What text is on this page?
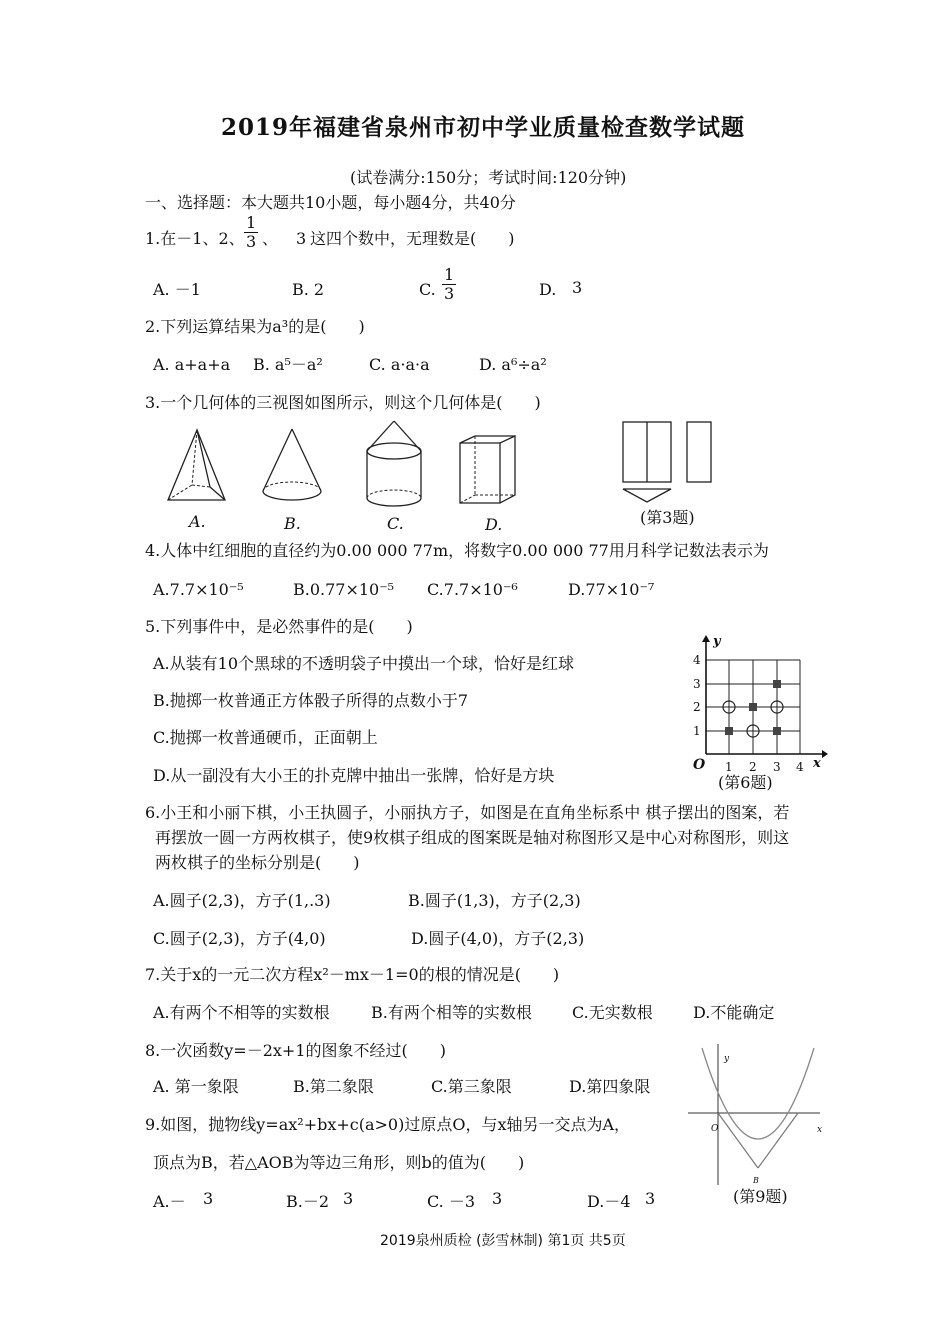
2019年福建省泉州市初中学业质量检查数学试题
(试卷满分:150分；考试时间:120分钟)
一、选择题：本大题共10小题，每小题4分，共40分
1.在－1、2、 $\frac{1}{3}$ 、 3 这四个数中，无理数是(　　)
A. －1	B. 2	C. $\frac{1}{3}$	D. 3
2.下列运算结果为a³的是(　　)
A. a+a+a B. a⁵－a²	C. a·a·a	D. a⁶÷a²
3.一个几何体的三视图如图所示，则这个几何体是(　　)
A.	B.	C.	D.	(第3题)
4.人体中红细胞的直径约为0.00 000 77m，将数字0.00 000 77用月科学记数法表示为
A.7.7×10⁻⁵	B.0.77×10⁻⁵ C.7.7×10⁻⁶	D.77×10⁻⁷
5.下列事件中，是必然事件的是(　　)
A.从装有10个黑球的不透明袋子中摸出一个球，恰好是红球
B.抛掷一枚普通正方体骰子所得的点数小于7
C.抛掷一枚普通硬币，正面朝上
D.从一副没有大小王的扑克牌中抽出一张牌，恰好是方块
y
4
3
2
1
O 1 2 3 4 x
(第6题)
6.小王和小丽下棋，小王执圆子，小丽执方子，如图是在直角坐标系中 棋子摆出的图案，若
再摆放一圆一方两枚棋子，使9枚棋子组成的图案既是轴对称图形又是中心对称图形，则这
两枚棋子的坐标分别是(　　)
A.圆子(2,3)，方子(1,.3)	B.圆子(1,3)，方子(2,3)
C.圆子(2,3)，方子(4,0)	D.圆子(4,0)，方子(2,3)
7.关于x的一元二次方程x²－mx－1=0的根的情况是(　　)
A.有两个不相等的实数根	B.有两个相等的实数根	C.无实数根	D.不能确定
8.一次函数y=－2x+1的图象不经过(　　)
A. 第一象限	B.第二象限	C.第三象限	D.第四象限
9.如图，抛物线y=ax²+bx+c(a>0)过原点O，与x轴另一交点为A，
顶点为B，若△AOB为等边三角形，则b的值为(　　)
A.－ 3	B.－2 3	C. －3 3	D.－4 3
y
O	x
B
(第9题)
2019泉州质检 (彭雪林制) 第1页 共5页
